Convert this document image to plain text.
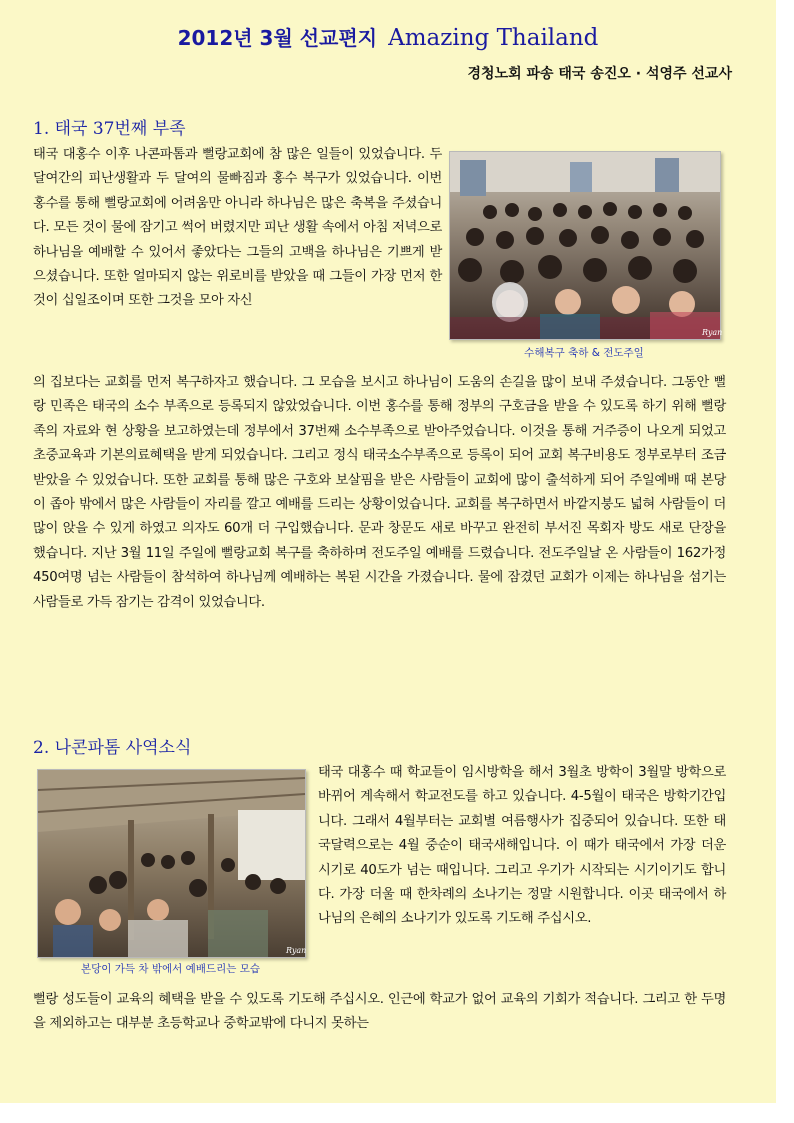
2012년 3월 선교편지 Amazing Thailand
경청노회 파송 태국 송진오 · 석영주 선교사
1. 태국 37번째 부족
Ryan
수해복구 축하 & 전도주일

태국 대홍수 이후 나콘파톰과 뻘랑교회에 참 많은 일들이 있었습니다. 두 달여간의 피난생활과 두 달여의 물빠짐과 홍수 복구가 있었습니다. 이번 홍수를 통해 뻘랑교회에 어려움만 아니라 하나님은 많은 축복을 주셨습니다. 모든 것이 물에 잠기고 썩어 버렸지만 피난 생활 속에서 아침 저녁으로 하나님을 예배할 수 있어서 좋았다는 그들의 고백을 하나님은 기쁘게 받으셨습니다. 또한 얼마되지 않는 위로비를 받았을 때 그들이 가장 먼저 한 것이 십일조이며 또한 그것을 모아 자신

의 집보다는 교회를 먼저 복구하자고 했습니다. 그 모습을 보시고 하나님이 도움의 손길을 많이 보내 주셨습니다. 그동안 뻘랑 민족은 태국의 소수 부족으로 등록되지 않았었습니다. 이번 홍수를 통해 정부의 구호금을 받을 수 있도록 하기 위해 뻘랑족의 자료와 현 상황을 보고하였는데 정부에서 37번째 소수부족으로 받아주었습니다. 이것을 통해 거주증이 나오게 되었고 초중교육과 기본의료혜택을 받게 되었습니다. 그리고 정식 태국소수부족으로 등록이 되어 교회 복구비용도 정부로부터 조금 받았을 수 있었습니다. 또한 교회를 통해 많은 구호와 보살핌을 받은 사람들이 교회에 많이 출석하게 되어 주일예배 때 본당이 좁아 밖에서 많은 사람들이 자리를 깔고 예배를 드리는 상황이었습니다. 교회를 복구하면서 바깥지붕도 넓혀 사람들이 더 많이 앉을 수 있게 하였고 의자도 60개 더 구입했습니다. 문과 창문도 새로 바꾸고 완전히 부서진 목회자 방도 새로 단장을 했습니다. 지난 3월 11일 주일에 뻘랑교회 복구를 축하하며 전도주일 예배를 드렸습니다. 전도주일날 온 사람들이 162가정 450여명 넘는 사람들이 참석하여 하나님께 예배하는 복된 시간을 가졌습니다. 물에 잠겼던 교회가 이제는 하나님을 섬기는 사람들로 가득 잠기는 감격이 있었습니다.

2. 나콘파톰 사역소식
Ryan
본당이 가득 차 밖에서 예배드리는 모습

태국 대홍수 때 학교들이 임시방학을 해서 3월초 방학이 3월말 방학으로 바뀌어 계속해서 학교전도를 하고 있습니다. 4-5월이 태국은 방학기간입니다. 그래서 4월부터는 교회별 여름행사가 집중되어 있습니다. 또한 태국달력으로는 4월 중순이 태국새해입니다. 이 때가 태국에서 가장 더운 시기로 40도가 넘는 때입니다. 그리고 우기가 시작되는 시기이기도 합니다. 가장 더울 때 한차례의 소나기는 정말 시원합니다. 이곳 태국에서 하나님의 은혜의 소나기가 있도록 기도해 주십시오.

뻘랑 성도들이 교육의 혜택을 받을 수 있도록 기도해 주십시오. 인근에 학교가 없어 교육의 기회가 적습니다. 그리고 한 두명을 제외하고는 대부분 초등학교나 중학교밖에 다니지 못하는
